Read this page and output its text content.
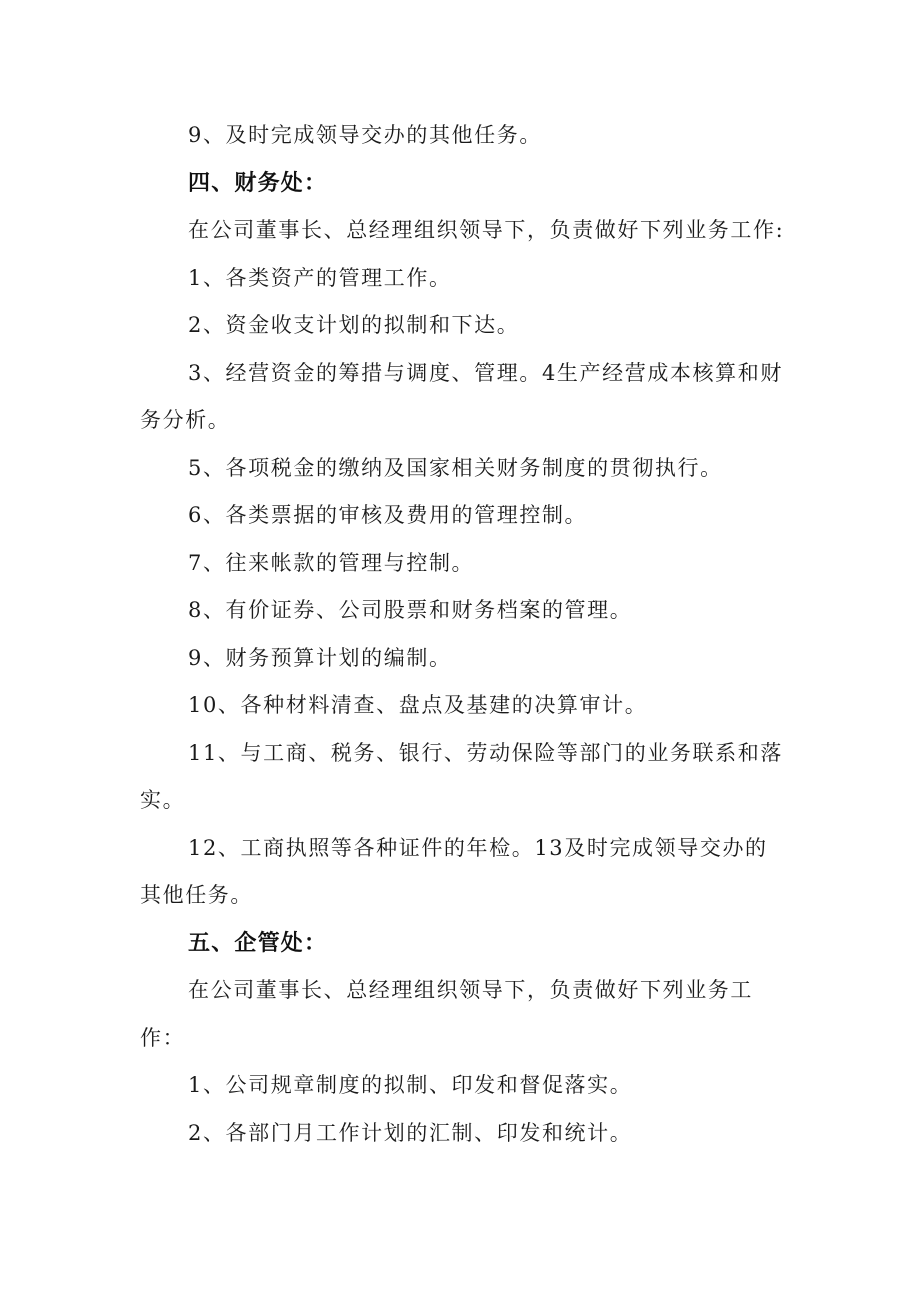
9、及时完成领导交办的其他任务。

四、财务处：

在公司董事长、总经理组织领导下，负责做好下列业务工作:

1、各类资产的管理工作。

2、资金收支计划的拟制和下达。

3、经营资金的筹措与调度、管理。4生产经营成本核算和财务分析。

5、各项税金的缴纳及国家相关财务制度的贯彻执行。

6、各类票据的审核及费用的管理控制。

7、往来帐款的管理与控制。

8、有价证券、公司股票和财务档案的管理。

9、财务预算计划的编制。

10、各种材料清查、盘点及基建的决算审计。

11、与工商、税务、银行、劳动保险等部门的业务联系和落实。

12、工商执照等各种证件的年检。13及时完成领导交办的其他任务。

五、企管处：

在公司董事长、总经理组织领导下，负责做好下列业务工作：

1、公司规章制度的拟制、印发和督促落实。

2、各部门月工作计划的汇制、印发和统计。
